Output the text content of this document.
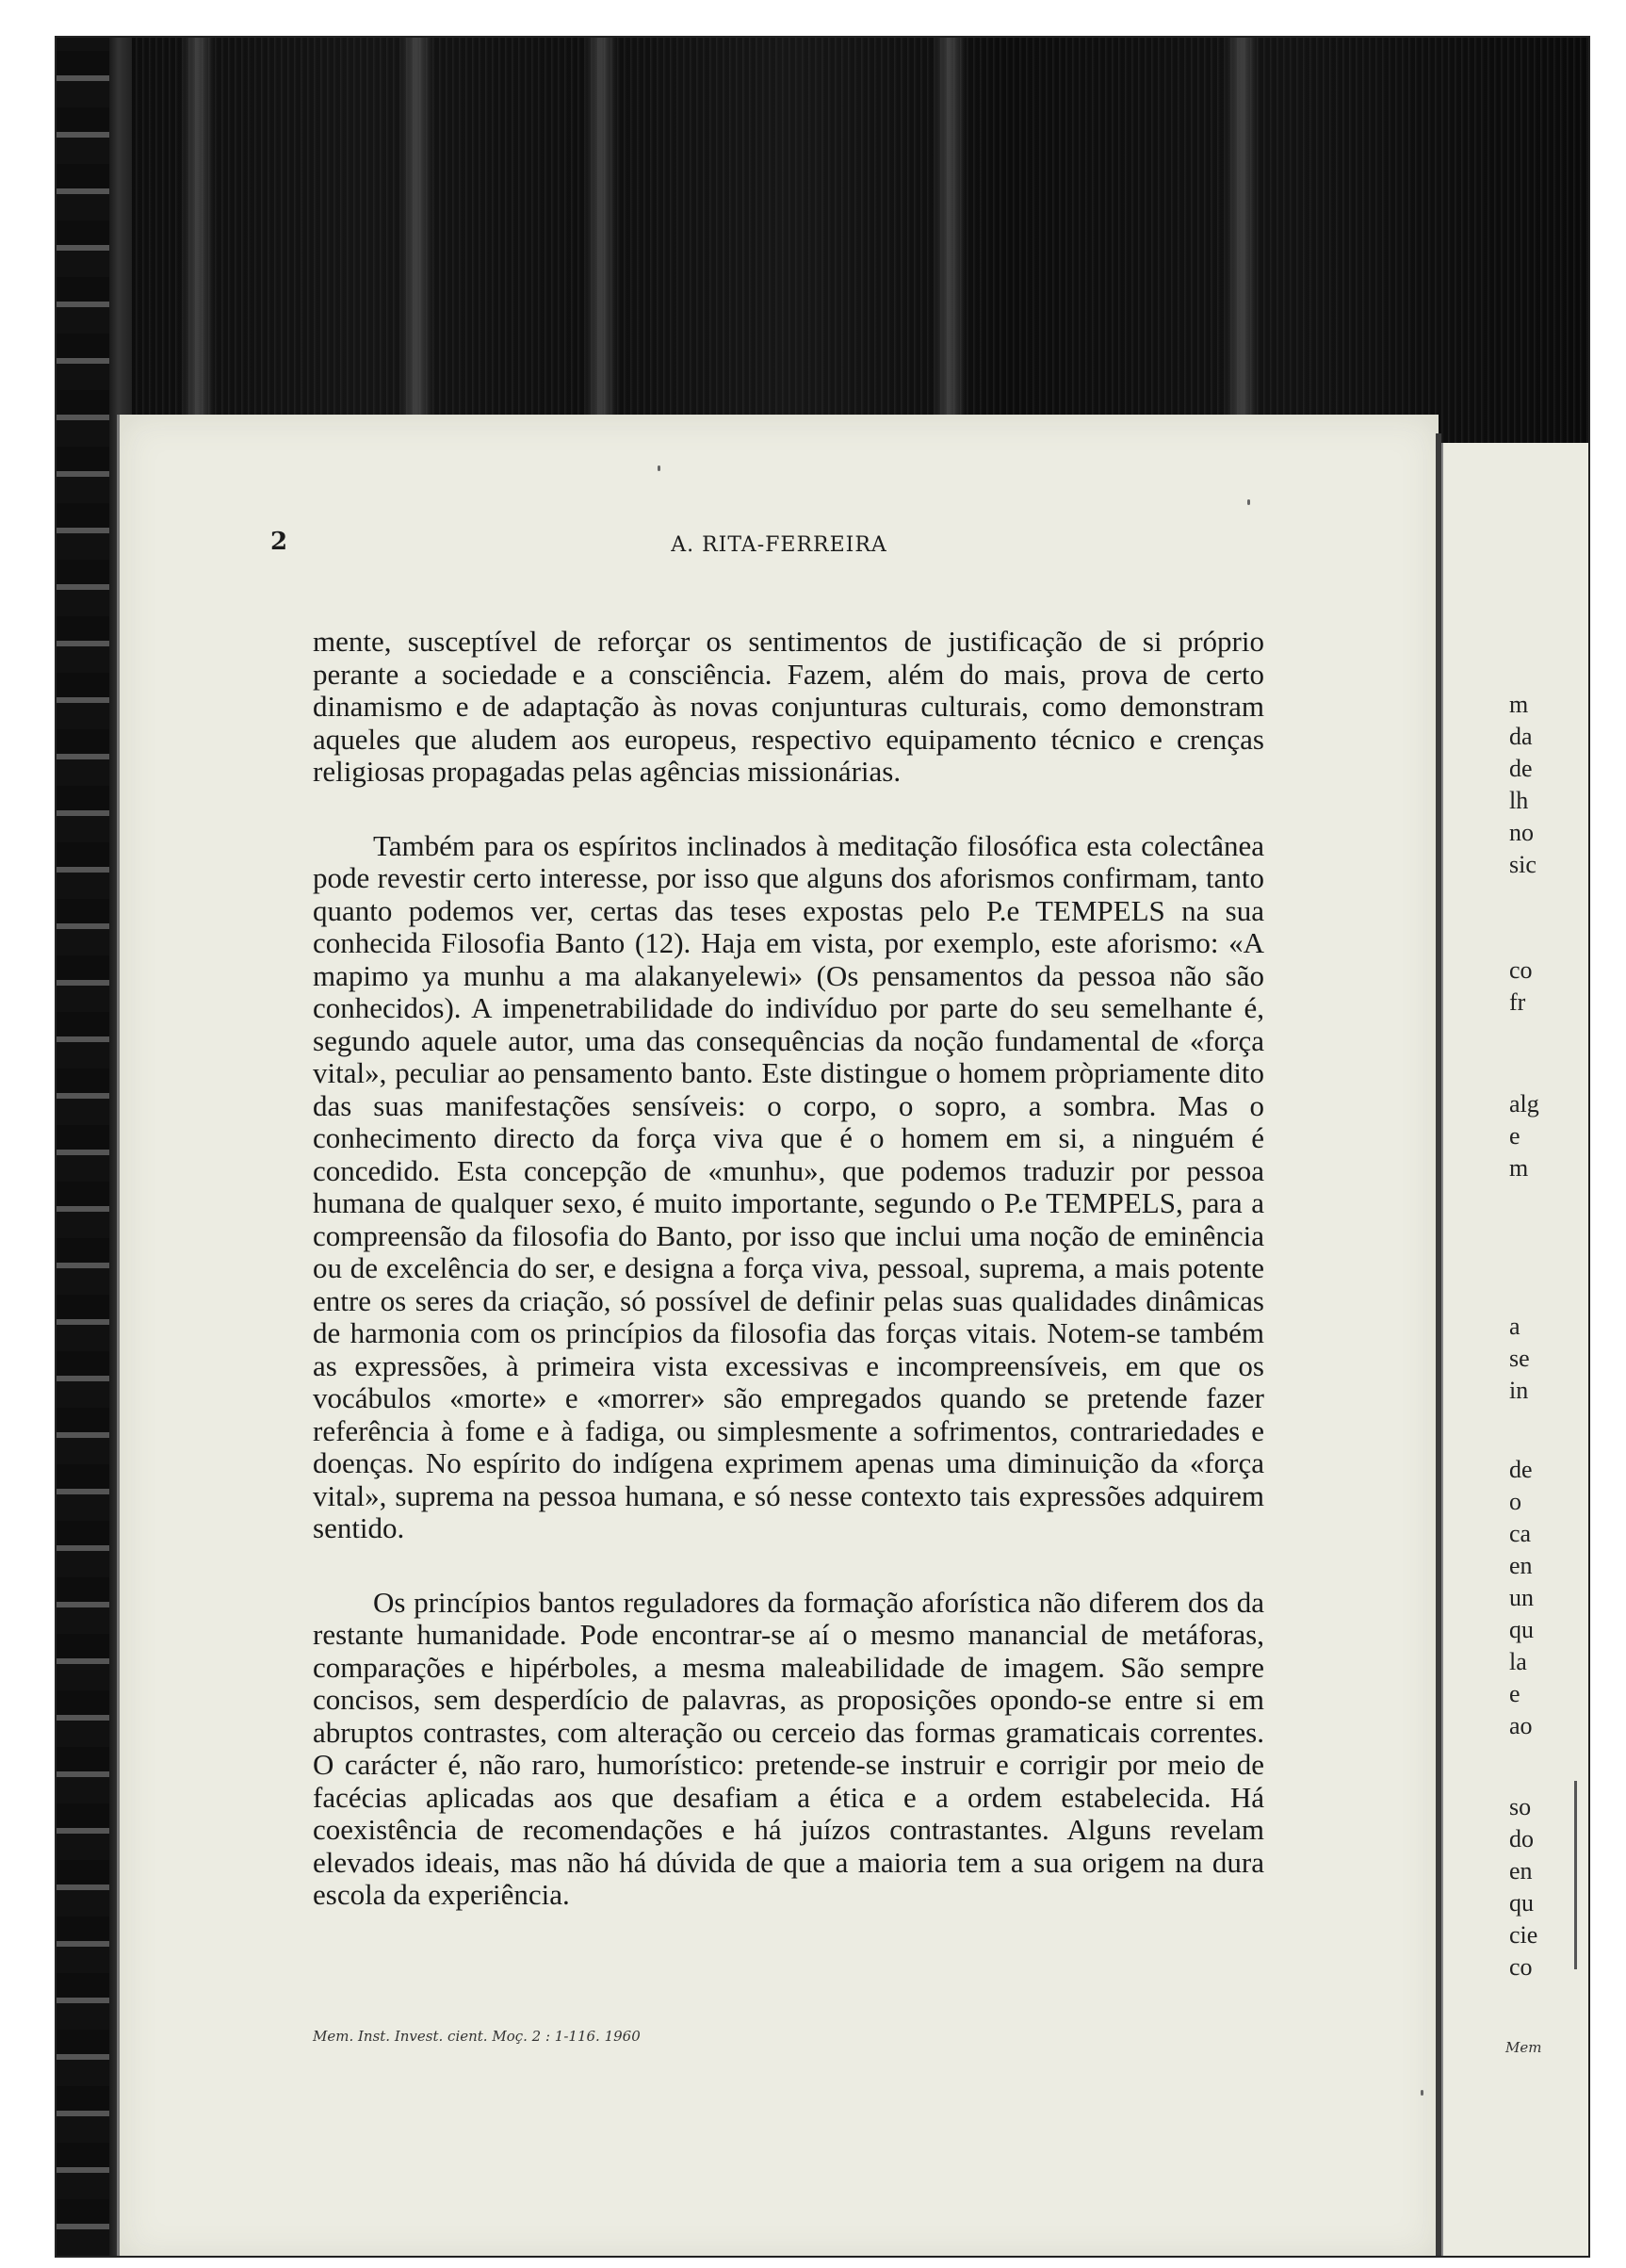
2	A. RITA-FERREIRA

mente, susceptível de reforçar os sentimentos de justificação de si próprio perante a sociedade e a consciência. Fazem, além do mais, prova de certo dinamismo e de adaptação às novas conjunturas culturais, como demonstram aqueles que aludem aos europeus, respectivo equipamento técnico e crenças religiosas propagadas pelas agências missionárias.

Também para os espíritos inclinados à meditação filosófica esta colectânea pode revestir certo interesse, por isso que alguns dos aforismos confirmam, tanto quanto podemos ver, certas das teses expostas pelo P.e TEMPELS na sua conhecida Filosofia Banto (12). Haja em vista, por exemplo, este aforismo: «A mapimo ya munhu a ma alakanyelewi» (Os pensamentos da pessoa não são conhecidos). A impenetrabilidade do indivíduo por parte do seu semelhante é, segundo aquele autor, uma das consequências da noção fundamental de «força vital», peculiar ao pensamento banto. Este distingue o homem pròpriamente dito das suas manifestações sensíveis: o corpo, o sopro, a sombra. Mas o conhecimento directo da força viva que é o homem em si, a ninguém é concedido. Esta concepção de «munhu», que podemos traduzir por pessoa humana de qualquer sexo, é muito importante, segundo o P.e TEMPELS, para a compreensão da filosofia do Banto, por isso que inclui uma noção de eminência ou de excelência do ser, e designa a força viva, pessoal, suprema, a mais potente entre os seres da criação, só possível de definir pelas suas qualidades dinâmicas de harmonia com os princípios da filosofia das forças vitais. Notem-se também as expressões, à primeira vista excessivas e incompreensíveis, em que os vocábulos «morte» e «morrer» são empregados quando se pretende fazer referência à fome e à fadiga, ou simplesmente a sofrimentos, contrariedades e doenças. No espírito do indígena exprimem apenas uma diminuição da «força vital», suprema na pessoa humana, e só nesse contexto tais expressões adquirem sentido.

Os princípios bantos reguladores da formação aforística não diferem dos da restante humanidade. Pode encontrar-se aí o mesmo manancial de metáforas, comparações e hipérboles, a mesma maleabilidade de imagem. São sempre concisos, sem desperdício de palavras, as proposições opondo-se entre si em abruptos contrastes, com alteração ou cerceio das formas gramaticais correntes. O carácter é, não raro, humorístico: pretende-se instruir e corrigir por meio de facécias aplicadas aos que desafiam a ética e a ordem estabelecida. Há coexistência de recomendações e há juízos contrastantes. Alguns revelam elevados ideais, mas não há dúvida de que a maioria tem a sua origem na dura escola da experiência.

Mem. Inst. Invest. cient. Moç. 2 : 1-116. 1960
m
da
de
lh
no
sic
co
fr
alg
e
m
a
se
in
de
o
ca
en
un
qu
la
e
ao
so
do
en
qu
cie
co
Mem
